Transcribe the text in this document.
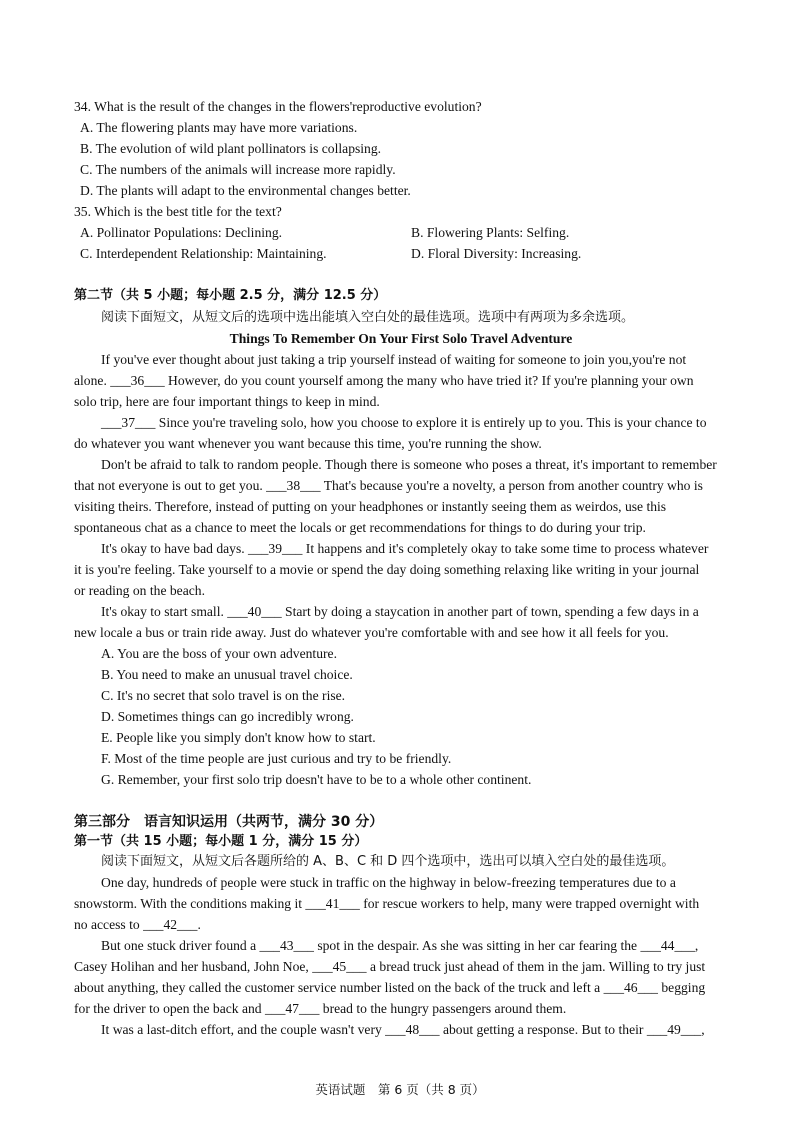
34. What is the result of the changes in the flowers'reproductive evolution?
A. The flowering plants may have more variations.
B. The evolution of wild plant pollinators is collapsing.
C. The numbers of the animals will increase more rapidly.
D. The plants will adapt to the environmental changes better.
35. Which is the best title for the text?
A. Pollinator Populations: Declining.	B. Flowering Plants: Selfing.
C. Interdependent Relationship: Maintaining.	D. Floral Diversity: Increasing.
第二节（共 5 小题；每小题 2.5 分，满分 12.5 分）
阅读下面短文，从短文后的选项中选出能填入空白处的最佳选项。选项中有两项为多余选项。
Things To Remember On Your First Solo Travel Adventure
If you've ever thought about just taking a trip yourself instead of waiting for someone to join you,you're not
alone. ___36___ However, do you count yourself among the many who have tried it? If you're planning your own
solo trip, here are four important things to keep in mind.
___37___ Since you're traveling solo, how you choose to explore it is entirely up to you. This is your chance to
do whatever you want whenever you want because this time, you're running the show.
Don't be afraid to talk to random people. Though there is someone who poses a threat, it's important to remember
that not everyone is out to get you. ___38___ That's because you're a novelty, a person from another country who is
visiting theirs. Therefore, instead of putting on your headphones or instantly seeing them as weirdos, use this
spontaneous chat as a chance to meet the locals or get recommendations for things to do during your trip.
It's okay to have bad days. ___39___ It happens and it's completely okay to take some time to process whatever
it is you're feeling. Take yourself to a movie or spend the day doing something relaxing like writing in your journal
or reading on the beach.
It's okay to start small. ___40___ Start by doing a staycation in another part of town, spending a few days in a
new locale a bus or train ride away. Just do whatever you're comfortable with and see how it all feels for you.
A. You are the boss of your own adventure.
B. You need to make an unusual travel choice.
C. It's no secret that solo travel is on the rise.
D. Sometimes things can go incredibly wrong.
E. People like you simply don't know how to start.
F. Most of the time people are just curious and try to be friendly.
G. Remember, your first solo trip doesn't have to be to a whole other continent.
第三部分　语言知识运用（共两节，满分 30 分）
第一节（共 15 小题；每小题 1 分，满分 15 分）
阅读下面短文，从短文后各题所给的 A、B、C 和 D 四个选项中，选出可以填入空白处的最佳选项。
One day, hundreds of people were stuck in traffic on the highway in below-freezing temperatures due to a
snowstorm. With the conditions making it ___41___ for rescue workers to help, many were trapped overnight with
no access to ___42___.
But one stuck driver found a ___43___ spot in the despair. As she was sitting in her car fearing the ___44___,
Casey Holihan and her husband, John Noe, ___45___ a bread truck just ahead of them in the jam. Willing to try just
about anything, they called the customer service number listed on the back of the truck and left a ___46___ begging
for the driver to open the back and ___47___ bread to the hungry passengers around them.
It was a last-ditch effort, and the couple wasn't very ___48___ about getting a response. But to their ___49___,
英语试题　第 6 页（共 8 页）
